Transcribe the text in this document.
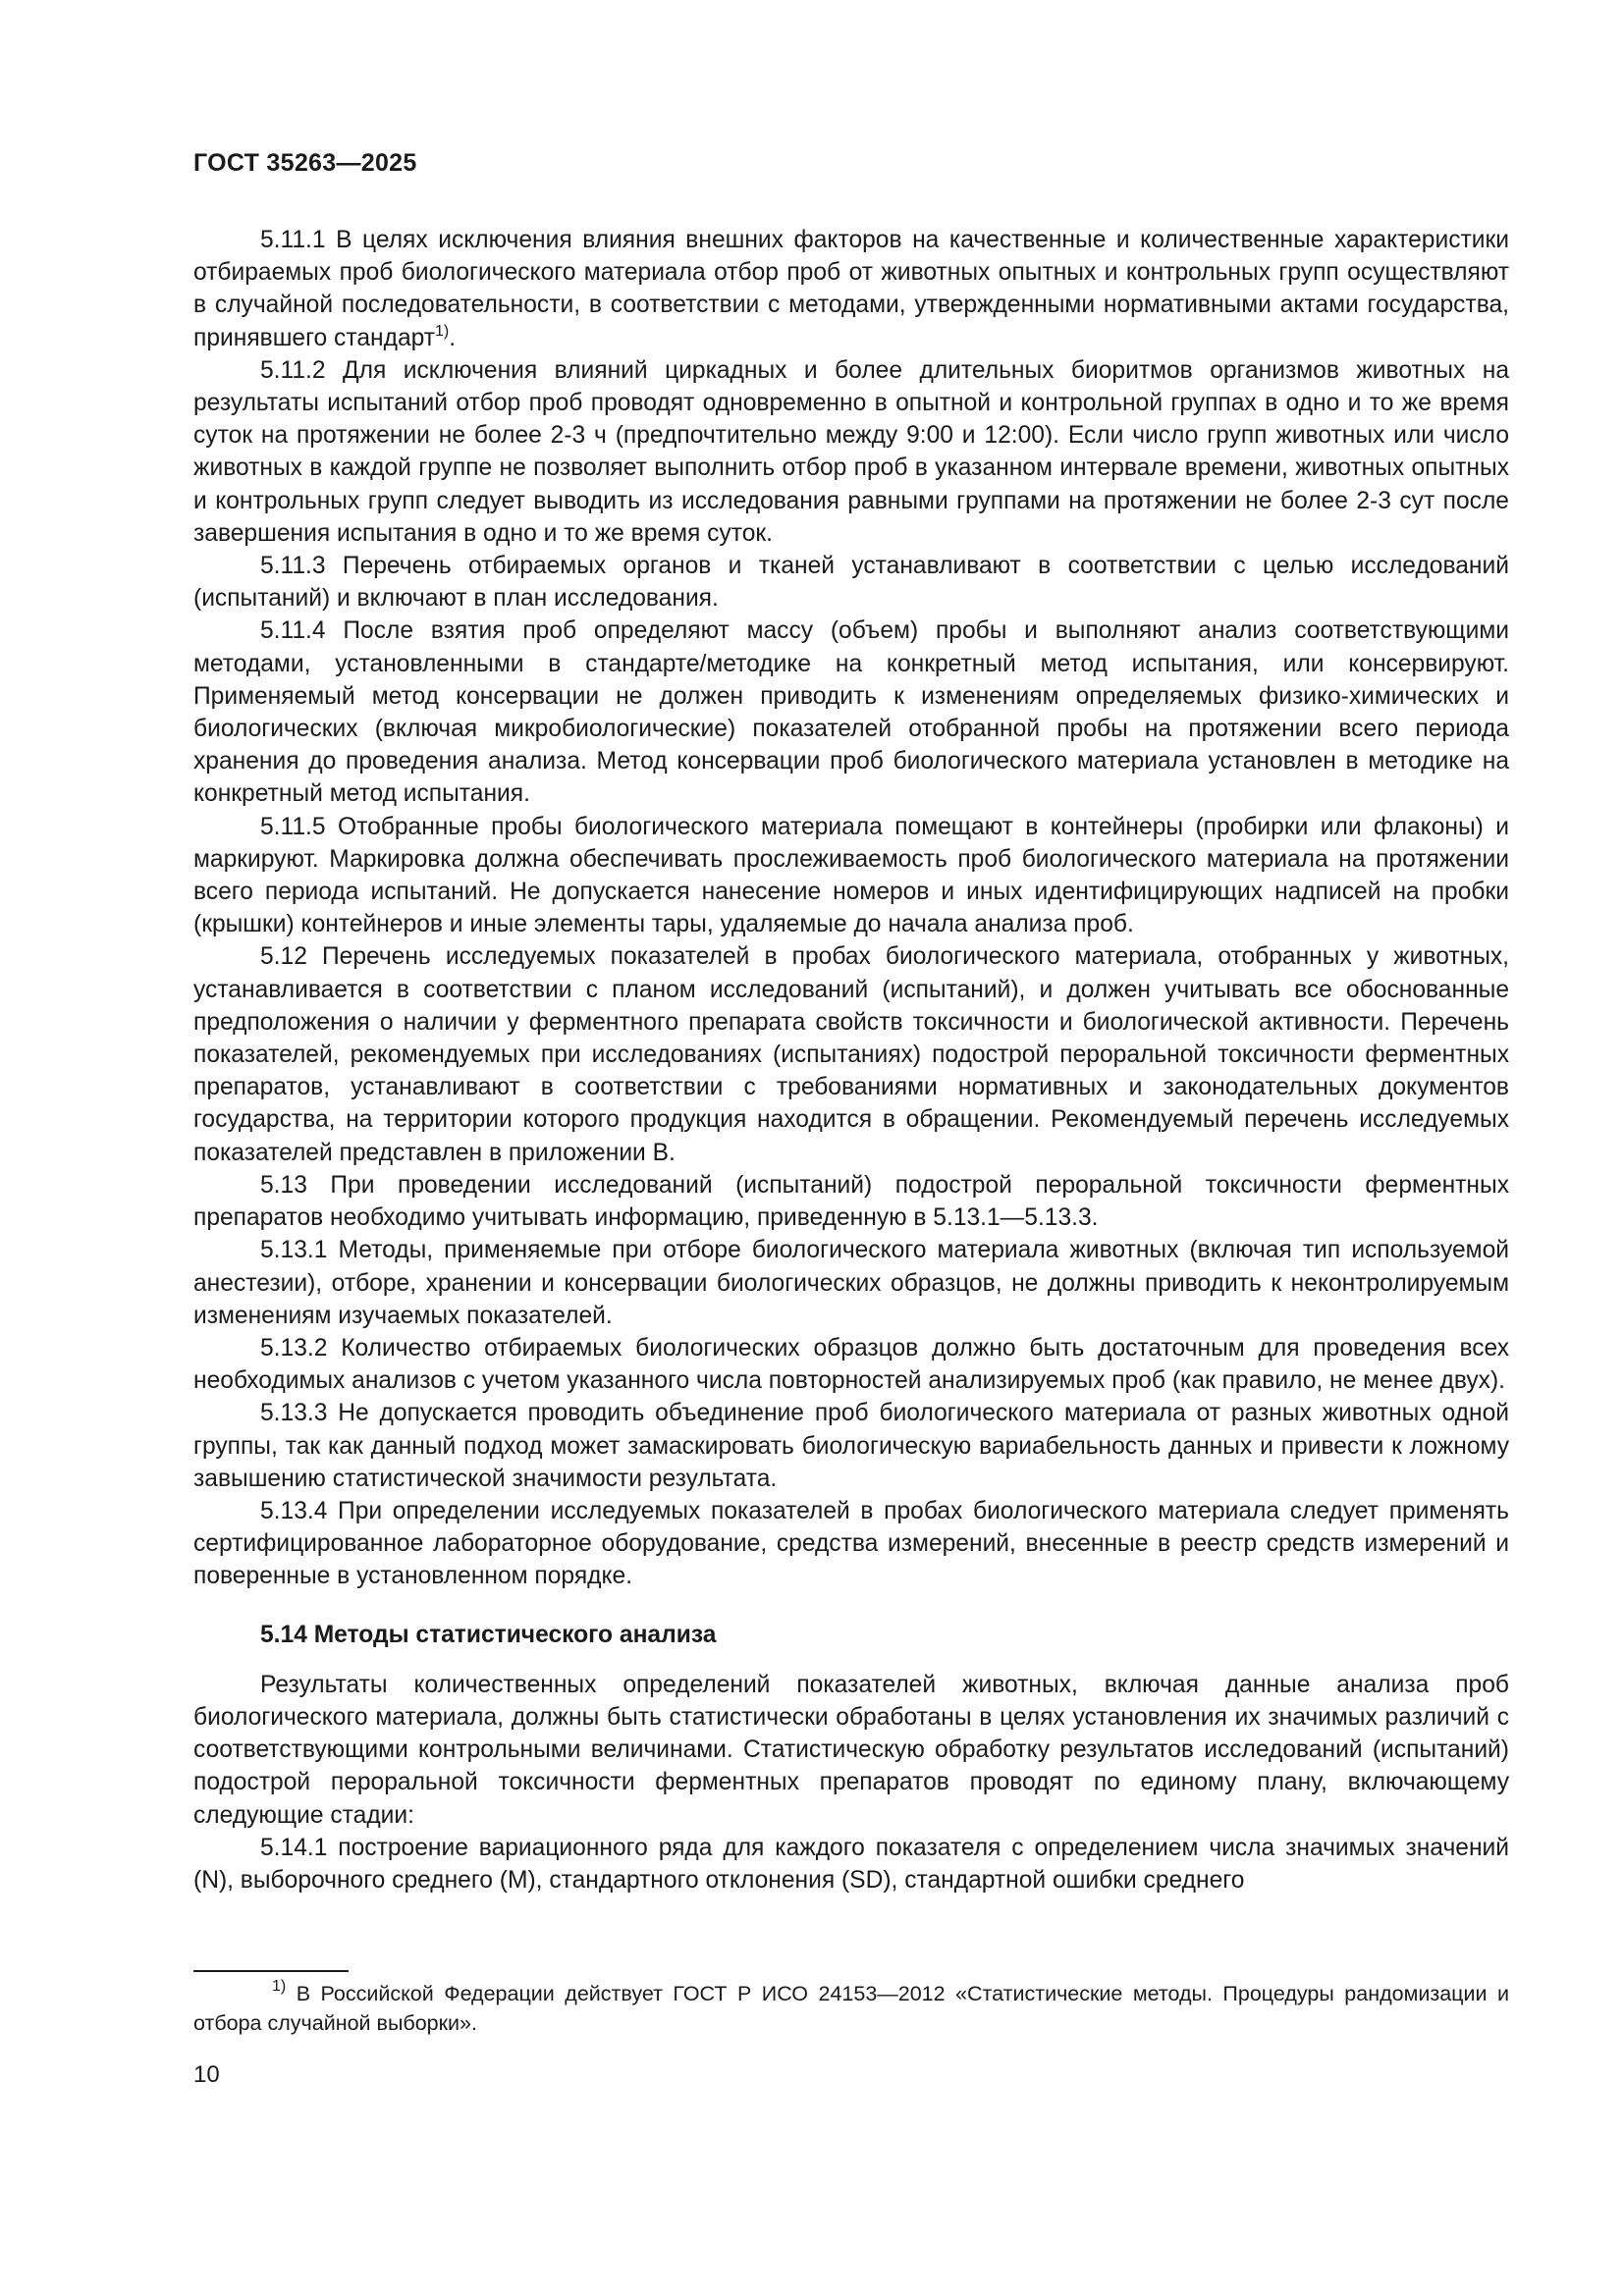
ГОСТ 35263—2025

5.11.1 В целях исключения влияния внешних факторов на качественные и количественные характеристики отбираемых проб биологического материала отбор проб от животных опытных и контрольных групп осуществляют в случайной последовательности, в соответствии с методами, утвержденными нормативными актами государства, принявшего стандарт$^{1)}$.

5.11.2 Для исключения влияний циркадных и более длительных биоритмов организмов животных на результаты испытаний отбор проб проводят одновременно в опытной и контрольной группах в одно и то же время суток на протяжении не более 2-3 ч (предпочтительно между 9:00 и 12:00). Если число групп животных или число животных в каждой группе не позволяет выполнить отбор проб в указанном интервале времени, животных опытных и контрольных групп следует выводить из исследования равными группами на протяжении не более 2-3 сут после завершения испытания в одно и то же время суток.

5.11.3 Перечень отбираемых органов и тканей устанавливают в соответствии с целью исследований (испытаний) и включают в план исследования.

5.11.4 После взятия проб определяют массу (объем) пробы и выполняют анализ соответствующими методами, установленными в стандарте/методике на конкретный метод испытания, или консервируют. Применяемый метод консервации не должен приводить к изменениям определяемых физико-химических и биологических (включая микробиологические) показателей отобранной пробы на протяжении всего периода хранения до проведения анализа. Метод консервации проб биологического материала установлен в методике на конкретный метод испытания.

5.11.5 Отобранные пробы биологического материала помещают в контейнеры (пробирки или флаконы) и маркируют. Маркировка должна обеспечивать прослеживаемость проб биологического материала на протяжении всего периода испытаний. Не допускается нанесение номеров и иных идентифицирующих надписей на пробки (крышки) контейнеров и иные элементы тары, удаляемые до начала анализа проб.

5.12 Перечень исследуемых показателей в пробах биологического материала, отобранных у животных, устанавливается в соответствии с планом исследований (испытаний), и должен учитывать все обоснованные предположения о наличии у ферментного препарата свойств токсичности и биологической активности. Перечень показателей, рекомендуемых при исследованиях (испытаниях) подострой пероральной токсичности ферментных препаратов, устанавливают в соответствии с требованиями нормативных и законодательных документов государства, на территории которого продукция находится в обращении. Рекомендуемый перечень исследуемых показателей представлен в приложении В.

5.13 При проведении исследований (испытаний) подострой пероральной токсичности ферментных препаратов необходимо учитывать информацию, приведенную в 5.13.1—5.13.3.

5.13.1 Методы, применяемые при отборе биологического материала животных (включая тип используемой анестезии), отборе, хранении и консервации биологических образцов, не должны приводить к неконтролируемым изменениям изучаемых показателей.

5.13.2 Количество отбираемых биологических образцов должно быть достаточным для проведения всех необходимых анализов с учетом указанного числа повторностей анализируемых проб (как правило, не менее двух).

5.13.3 Не допускается проводить объединение проб биологического материала от разных животных одной группы, так как данный подход может замаскировать биологическую вариабельность данных и привести к ложному завышению статистической значимости результата.

5.13.4 При определении исследуемых показателей в пробах биологического материала следует применять сертифицированное лабораторное оборудование, средства измерений, внесенные в реестр средств измерений и поверенные в установленном порядке.

5.14 Методы статистического анализа

Результаты количественных определений показателей животных, включая данные анализа проб биологического материала, должны быть статистически обработаны в целях установления их значимых различий с соответствующими контрольными величинами. Статистическую обработку результатов исследований (испытаний) подострой пероральной токсичности ферментных препаратов проводят по единому плану, включающему следующие стадии:

5.14.1 построение вариационного ряда для каждого показателя с определением числа значимых значений (N), выборочного среднего (M), стандартного отклонения (SD), стандартной ошибки среднего

$^{1)}$ В Российской Федерации действует ГОСТ Р ИСО 24153—2012 «Статистические методы. Процедуры рандомизации и отбора случайной выборки».

10
